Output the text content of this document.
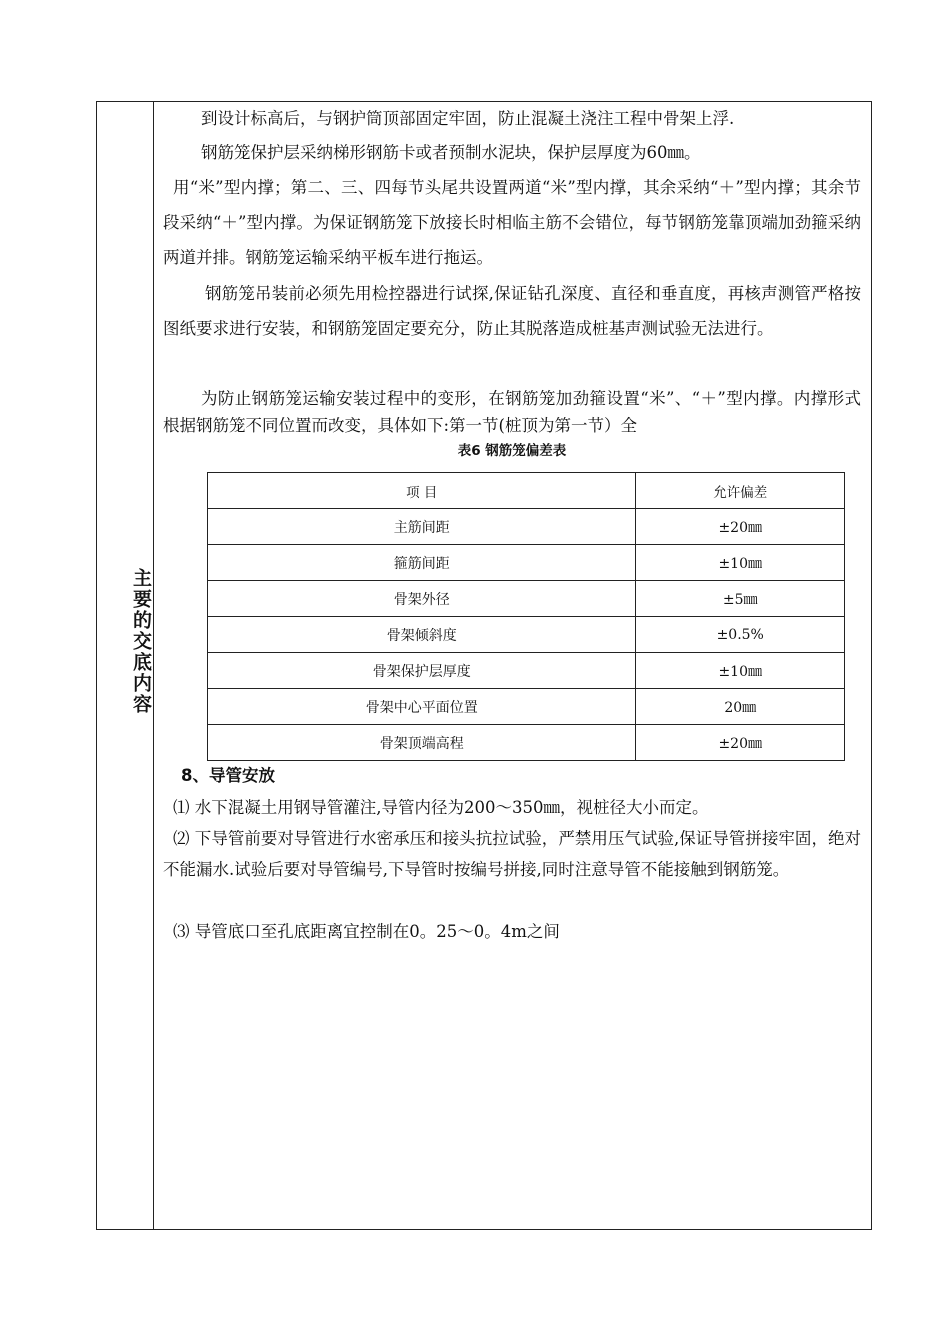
主要的交底内容
到设计标高后，与钢护筒顶部固定牢固，防止混凝土浇注工程中骨架上浮.
钢筋笼保护层采纳梯形钢筋卡或者预制水泥块，保护层厚度为60㎜。
用“米”型内撑；第二、三、四每节头尾共设置两道“米”型内撑，其余采纳“＋”型内撑；其余节段采纳“＋”型内撑。为保证钢筋笼下放接长时相临主筋不会错位，每节钢筋笼靠顶端加劲箍采纳两道并排。钢筋笼运输采纳平板车进行拖运。
钢筋笼吊装前必须先用检控器进行试探,保证钻孔深度、直径和垂直度，再核声测管严格按图纸要求进行安装，和钢筋笼固定要充分，防止其脱落造成桩基声测试验无法进行。
为防止钢筋笼运输安装过程中的变形，在钢筋笼加劲箍设置“米”、“＋”型内撑。内撑形式根据钢筋笼不同位置而改变，具体如下:第一节(桩顶为第一节）全
表6 钢筋笼偏差表
项 目	允许偏差
主筋间距	±20㎜
箍筋间距	±10㎜
骨架外径	±5㎜
骨架倾斜度	±0.5%
骨架保护层厚度	±10㎜
骨架中心平面位置	20㎜
骨架顶端高程	±20㎜
8、导管安放
⑴ 水下混凝土用钢导管灌注,导管内径为200～350㎜，视桩径大小而定。
⑵ 下导管前要对导管进行水密承压和接头抗拉试验，严禁用压气试验,保证导管拼接牢固，绝对不能漏水.试验后要对导管编号,下导管时按编号拼接,同时注意导管不能接触到钢筋笼。
⑶ 导管底口至孔底距离宜控制在0。25～0。4m之间
